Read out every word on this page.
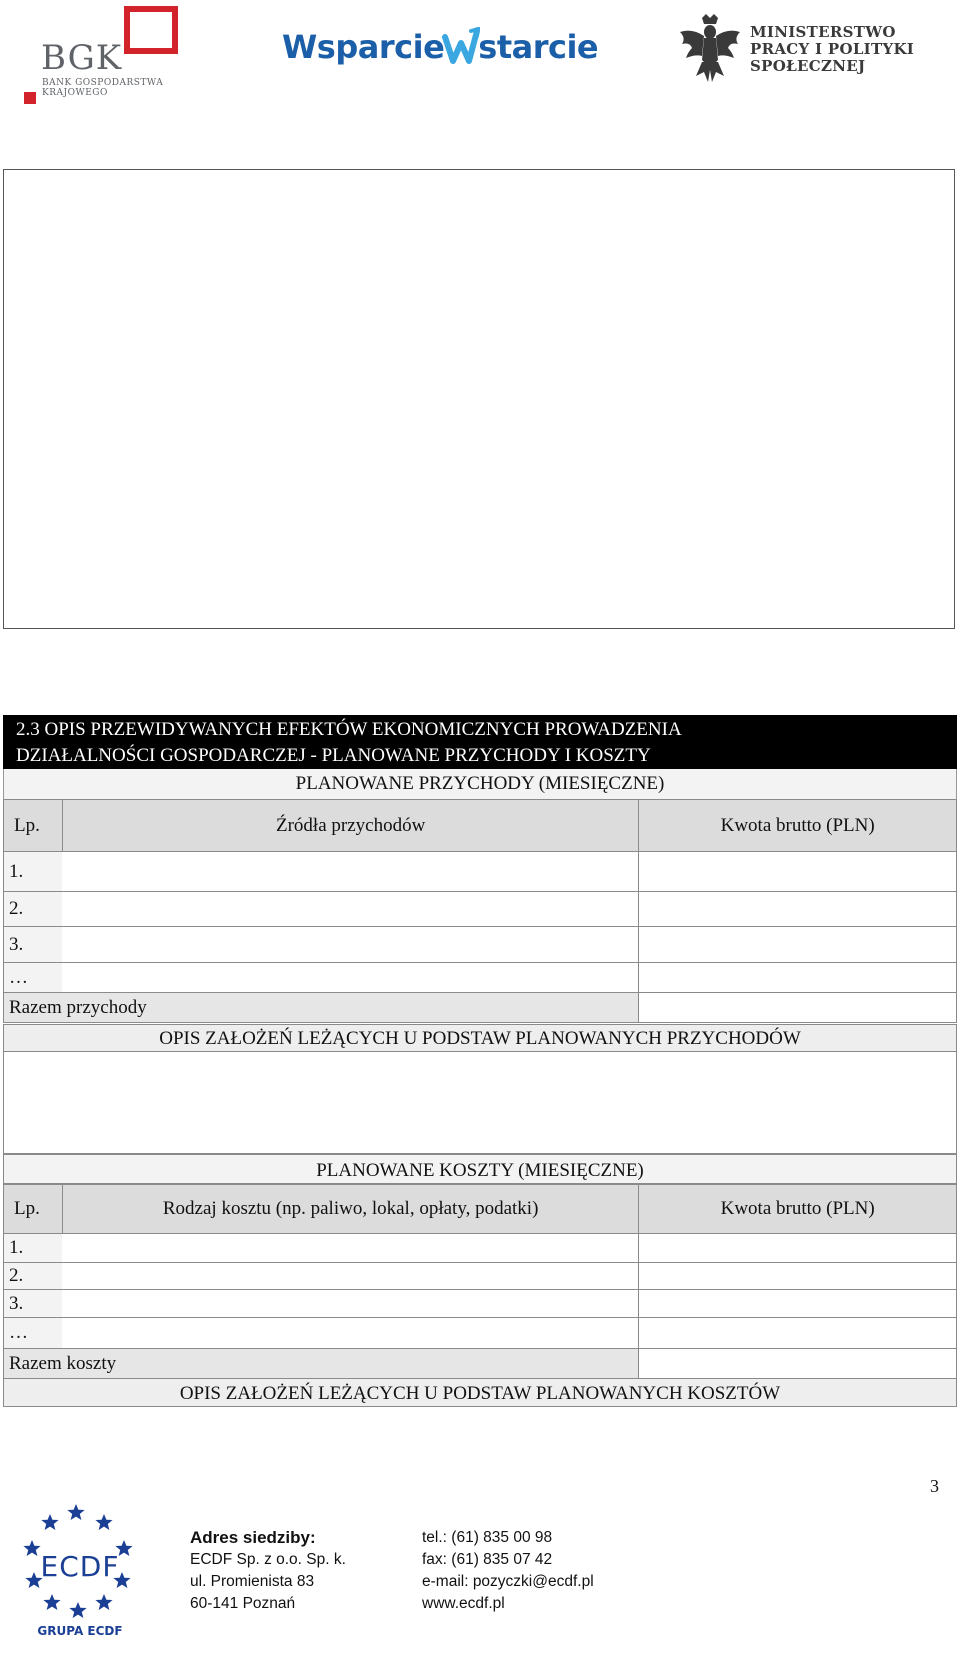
BGK
BANK GOSPODARSTWA
KRAJOWEGO
Wsparcie starcie	MINISTERSTWO
PRACY I POLITYKI
SPOŁECZNEJ
2.3 OPIS PRZEWIDYWANYCH EFEKTÓW EKONOMICZNYCH PROWADZENIA
DZIAŁALNOŚCI GOSPODARCZEJ - PLANOWANE PRZYCHODY I KOSZTY
PLANOWANE PRZYCHODY (MIESIĘCZNE)
Lp.	Źródła przychodów	Kwota brutto (PLN)
1.		
2.		
3.		
…		
Razem przychody		
OPIS ZAŁOŻEŃ LEŻĄCYCH U PODSTAW PLANOWANYCH PRZYCHODÓW
PLANOWANE KOSZTY (MIESIĘCZNE)
Lp.	Rodzaj kosztu (np. paliwo, lokal, opłaty, podatki)	Kwota brutto (PLN)
1.		
2.		
3.		
…		
Razem koszty		
OPIS ZAŁOŻEŃ LEŻĄCYCH U PODSTAW PLANOWANYCH KOSZTÓW
3
ECDF
GRUPA ECDF
Adres siedziby:
ECDF Sp. z o.o. Sp. k.
ul. Promienista 83
60-141 Poznań
tel.: (61) 835 00 98
fax: (61) 835 07 42
e-mail: pozyczki@ecdf.pl
www.ecdf.pl
